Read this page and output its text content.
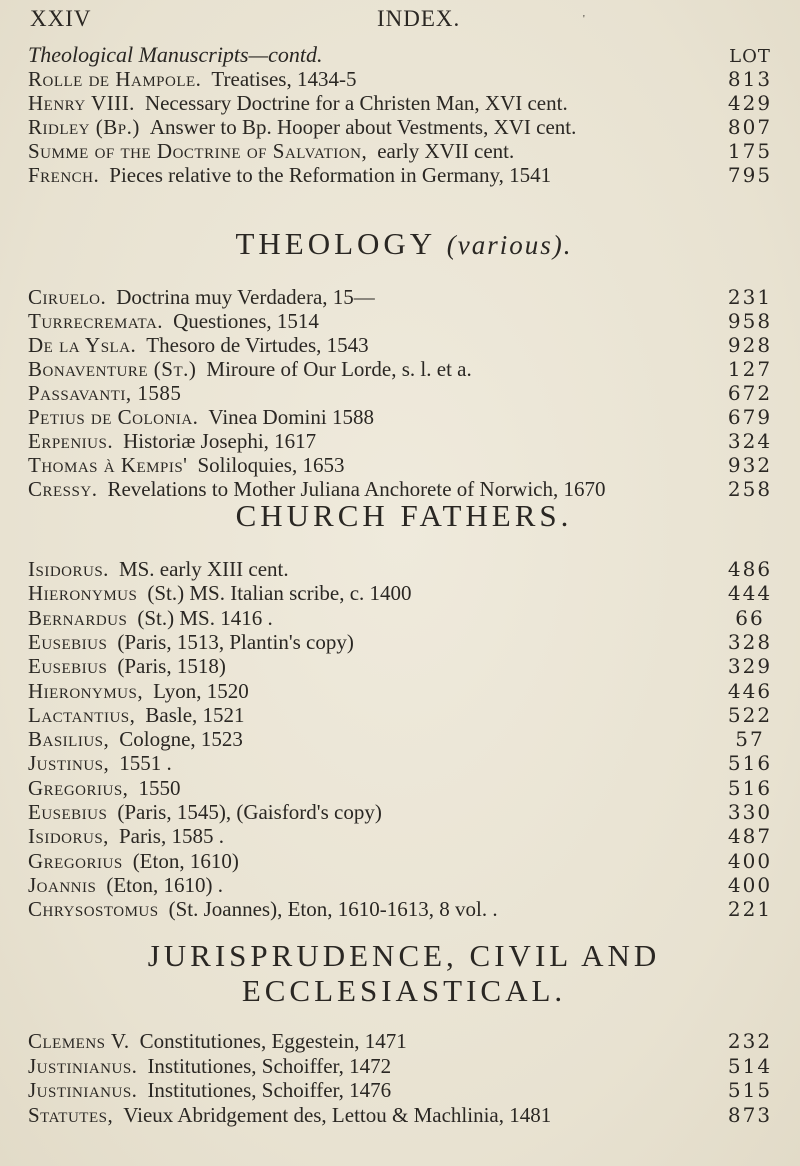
XXIV	INDEX.	'
Theological Manuscripts—contd.	LOT
Rolle de Hampole. Treatises, 1434-5	813
Henry VIII. Necessary Doctrine for a Christen Man, XVI cent.	429
Ridley (Bp.) Answer to Bp. Hooper about Vestments, XVI cent.	807
Summe of the Doctrine of Salvation, early XVII cent.	175
French. Pieces relative to the Reformation in Germany, 1541	795
THEOLOGY (various).
Ciruelo. Doctrina muy Verdadera, 15—	231
Turrecremata. Questiones, 1514	958
De la Ysla. Thesoro de Virtudes, 1543	928
Bonaventure (St.) Miroure of Our Lorde, s. l. et a.	127
Passavanti, 1585	672
Petius de Colonia. Vinea Domini 1588	679
Erpenius. Historiæ Josephi, 1617	324
Thomas à Kempis' Soliloquies, 1653	932
Cressy. Revelations to Mother Juliana Anchorete of Norwich, 1670	258
CHURCH FATHERS.
Isidorus. MS. early XIII cent.	486
Hieronymus (St.) MS. Italian scribe, c. 1400	444
Bernardus (St.) MS. 1416 .	66
Eusebius (Paris, 1513, Plantin's copy)	328
Eusebius (Paris, 1518)	329
Hieronymus, Lyon, 1520	446
Lactantius, Basle, 1521	522
Basilius, Cologne, 1523	57
Justinus, 1551 .	516
Gregorius, 1550	516
Eusebius (Paris, 1545), (Gaisford's copy)	330
Isidorus, Paris, 1585 .	487
Gregorius (Eton, 1610)	400
Joannis (Eton, 1610) .	400
Chrysostomus (St. Joannes), Eton, 1610-1613, 8 vol. .	221
JURISPRUDENCE, CIVIL AND
ECCLESIASTICAL.
Clemens V. Constitutiones, Eggestein, 1471	232
Justinianus. Institutiones, Schoiffer, 1472	514
Justinianus. Institutiones, Schoiffer, 1476	515
Statutes, Vieux Abridgement des, Lettou & Machlinia, 1481	873
